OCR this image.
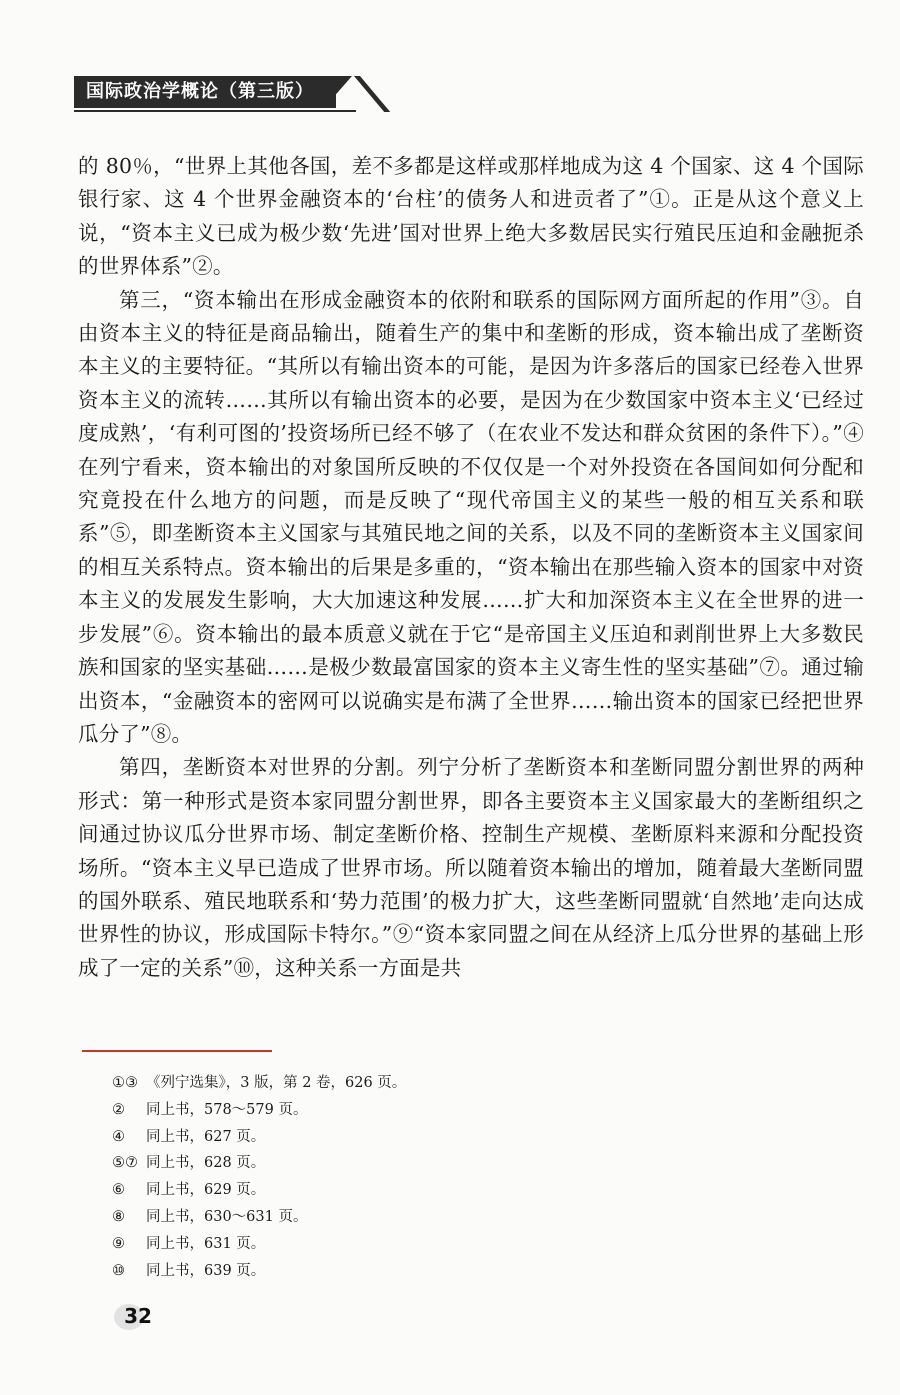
国际政治学概论（第三版）

的 80％，“世界上其他各国，差不多都是这样或那样地成为这 4 个国家、这 4 个国际银行家、这 4 个世界金融资本的‘台柱’的债务人和进贡者了”①。正是从这个意义上说，“资本主义已成为极少数‘先进’国对世界上绝大多数居民实行殖民压迫和金融扼杀的世界体系”②。

第三，“资本输出在形成金融资本的依附和联系的国际网方面所起的作用”③。自由资本主义的特征是商品输出，随着生产的集中和垄断的形成，资本输出成了垄断资本主义的主要特征。“其所以有输出资本的可能，是因为许多落后的国家已经卷入世界资本主义的流转……其所以有输出资本的必要，是因为在少数国家中资本主义‘已经过度成熟’，‘有利可图的’投资场所已经不够了（在农业不发达和群众贫困的条件下）。”④ 在列宁看来，资本输出的对象国所反映的不仅仅是一个对外投资在各国间如何分配和究竟投在什么地方的问题，而是反映了“现代帝国主义的某些一般的相互关系和联系”⑤，即垄断资本主义国家与其殖民地之间的关系，以及不同的垄断资本主义国家间的相互关系特点。资本输出的后果是多重的，“资本输出在那些输入资本的国家中对资本主义的发展发生影响，大大加速这种发展……扩大和加深资本主义在全世界的进一步发展”⑥。资本输出的最本质意义就在于它“是帝国主义压迫和剥削世界上大多数民族和国家的坚实基础……是极少数最富国家的资本主义寄生性的坚实基础”⑦。通过输出资本，“金融资本的密网可以说确实是布满了全世界……输出资本的国家已经把世界瓜分了”⑧。

第四，垄断资本对世界的分割。列宁分析了垄断资本和垄断同盟分割世界的两种形式：第一种形式是资本家同盟分割世界，即各主要资本主义国家最大的垄断组织之间通过协议瓜分世界市场、制定垄断价格、控制生产规模、垄断原料来源和分配投资场所。“资本主义早已造成了世界市场。所以随着资本输出的增加，随着最大垄断同盟的国外联系、殖民地联系和‘势力范围’的极力扩大，这些垄断同盟就‘自然地’走向达成世界性的协议，形成国际卡特尔。”⑨“资本家同盟之间在从经济上瓜分世界的基础上形成了一定的关系”⑩，这种关系一方面是共

①③ 《列宁选集》，3 版，第 2 卷，626 页。
② 同上书，578～579 页。
④ 同上书，627 页。
⑤⑦ 同上书，628 页。
⑥ 同上书，629 页。
⑧ 同上书，630～631 页。
⑨ 同上书，631 页。
⑩ 同上书，639 页。
32
